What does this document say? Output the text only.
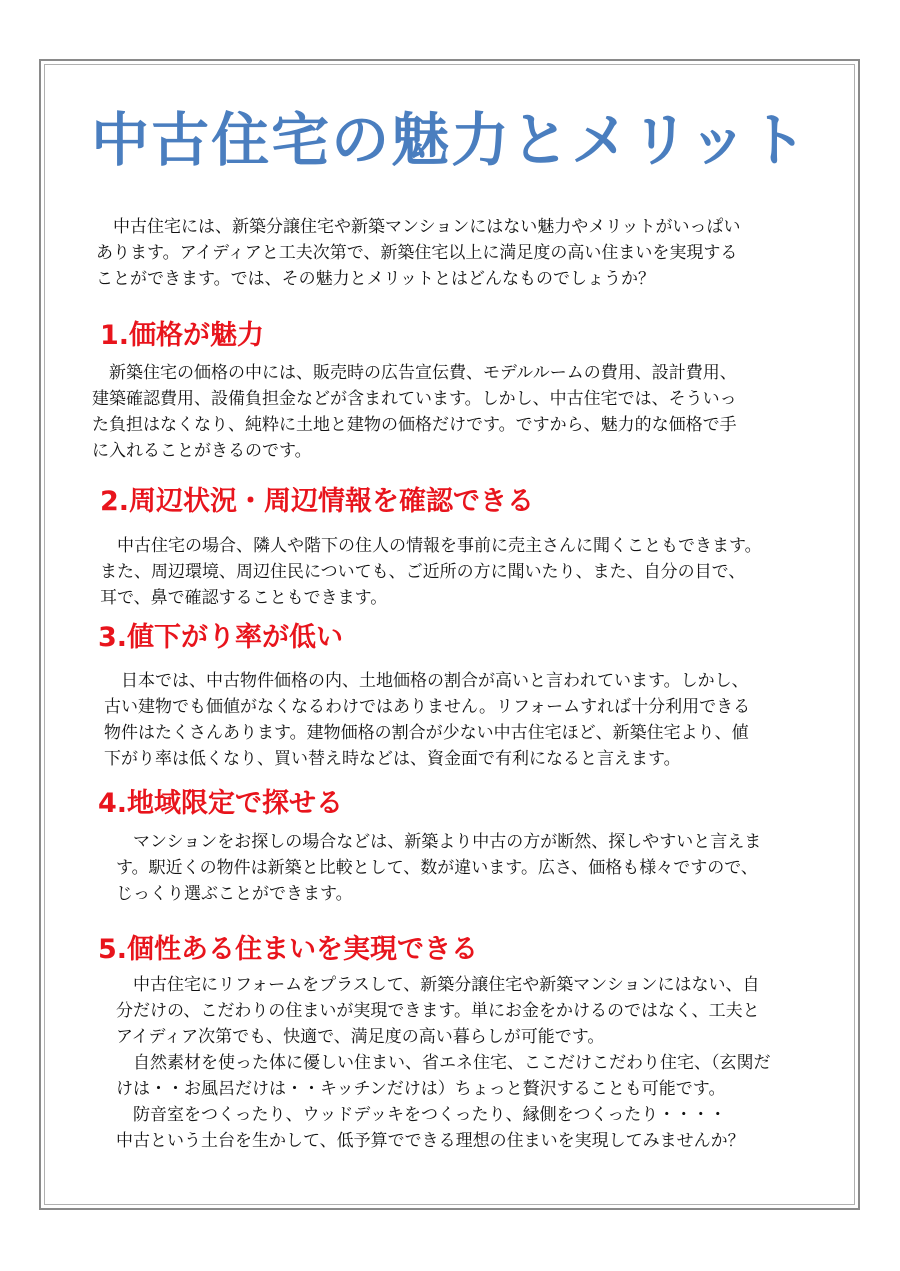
中古住宅の魅力とメリット

　中古住宅には、新築分譲住宅や新築マンションにはない魅力やメリットがいっぱい
あります。アイディアと工夫次第で、新築住宅以上に満足度の高い住まいを実現する
ことができます。では、その魅力とメリットとはどんなものでしょうか？

1.価格が魅力

　新築住宅の価格の中には、販売時の広告宣伝費、モデルルームの費用、設計費用、
建築確認費用、設備負担金などが含まれています。しかし、中古住宅では、そういっ
た負担はなくなり、純粋に土地と建物の価格だけです。ですから、魅力的な価格で手
に入れることがきるのです。

2.周辺状況・周辺情報を確認できる

　中古住宅の場合、隣人や階下の住人の情報を事前に売主さんに聞くこともできます。
また、周辺環境、周辺住民についても、ご近所の方に聞いたり、また、自分の目で、
耳で、鼻で確認することもできます。

3.値下がり率が低い

　日本では、中古物件価格の内、土地価格の割合が高いと言われています。しかし、
古い建物でも価値がなくなるわけではありません。リフォームすれば十分利用できる
物件はたくさんあります。建物価格の割合が少ない中古住宅ほど、新築住宅より、値
下がり率は低くなり、買い替え時などは、資金面で有利になると言えます。

4.地域限定で探せる

　マンションをお探しの場合などは、新築より中古の方が断然、探しやすいと言えま
す。駅近くの物件は新築と比較として、数が違います。広さ、価格も様々ですので、
じっくり選ぶことができます。

5.個性ある住まいを実現できる

　中古住宅にリフォームをプラスして、新築分譲住宅や新築マンションにはない、自
分だけの、こだわりの住まいが実現できます。単にお金をかけるのではなく、工夫と
アイディア次第でも、快適で、満足度の高い暮らしが可能です。
　自然素材を使った体に優しい住まい、省エネ住宅、ここだけこだわり住宅、（玄関だ
けは・・お風呂だけは・・キッチンだけは）ちょっと贅沢することも可能です。
　防音室をつくったり、ウッドデッキをつくったり、縁側をつくったり・・・・
中古という土台を生かして、低予算でできる理想の住まいを実現してみませんか？
